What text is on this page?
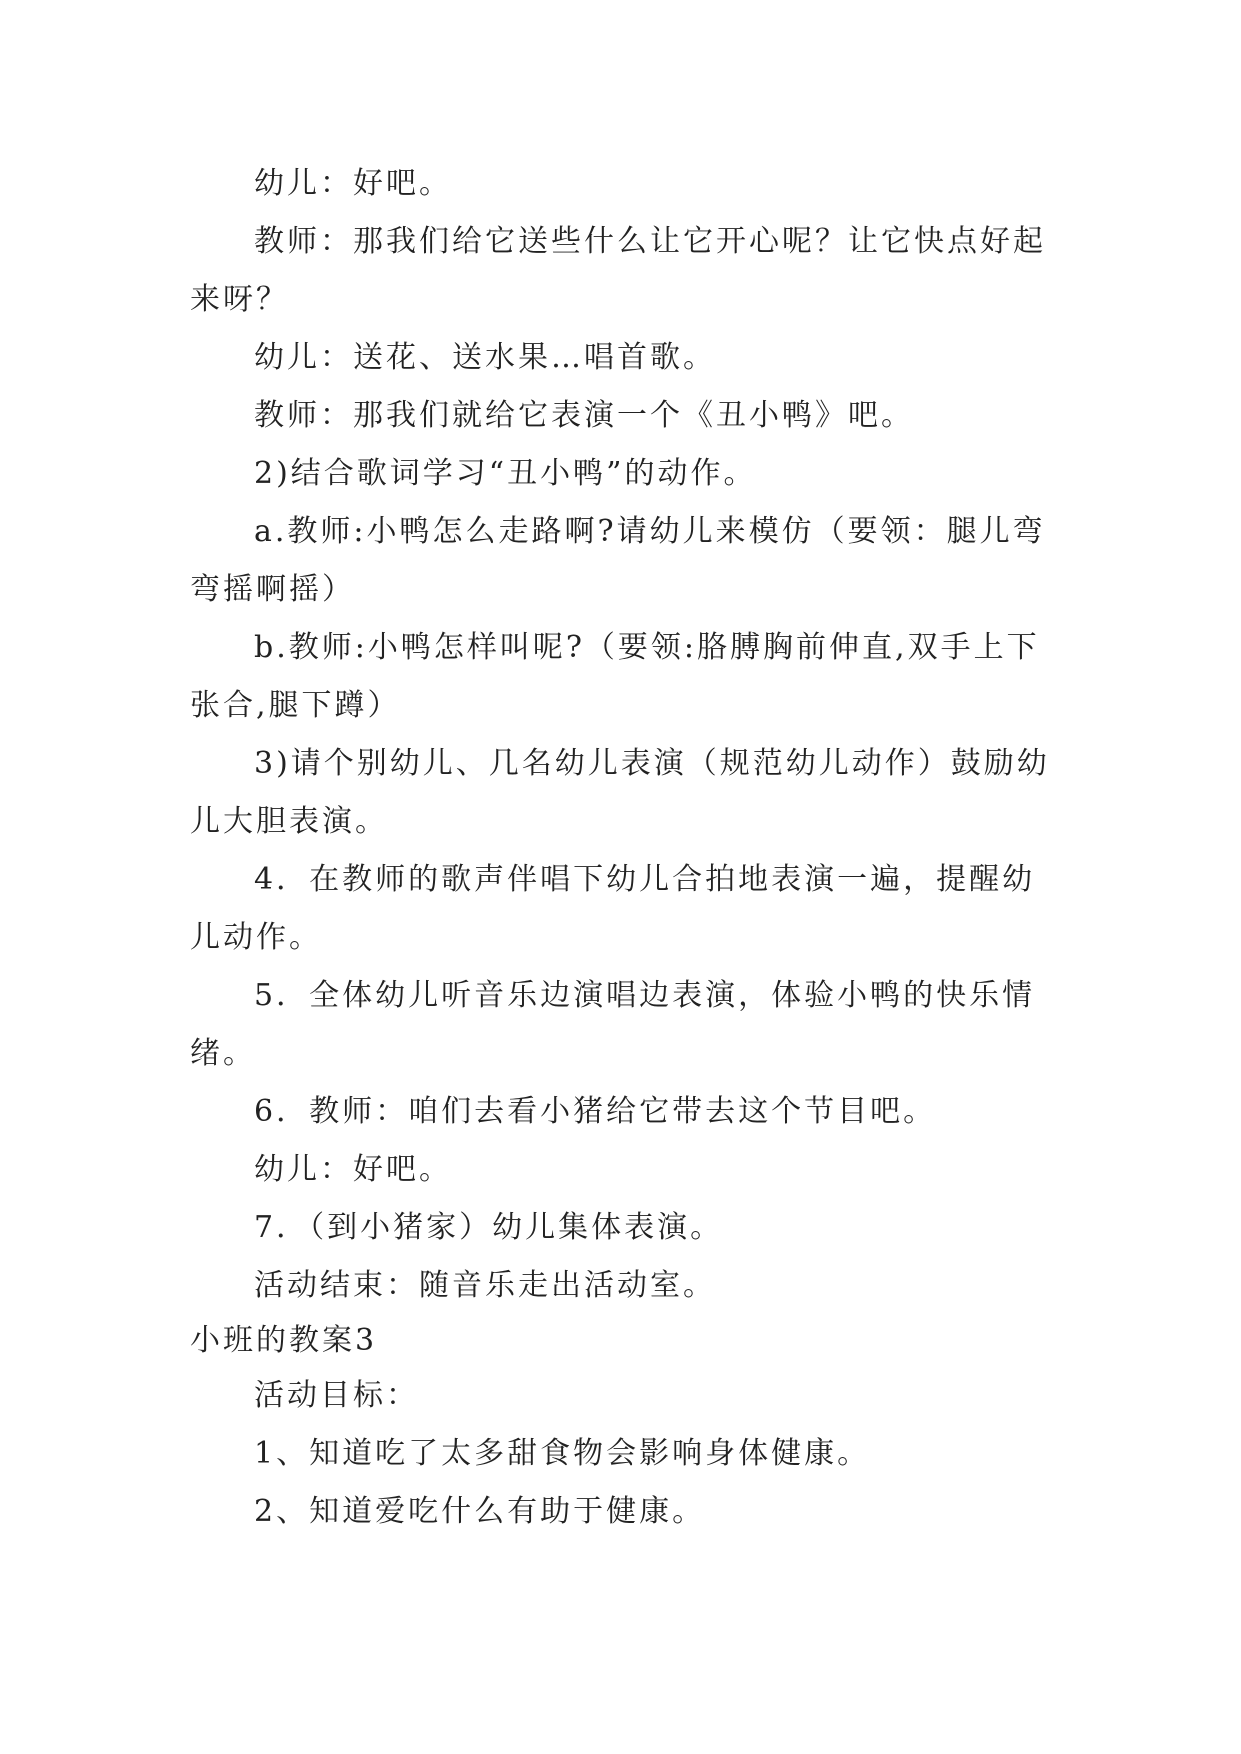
幼儿：好吧。

教师：那我们给它送些什么让它开心呢？让它快点好起

来呀？

幼儿：送花、送水果…唱首歌。

教师：那我们就给它表演一个《丑小鸭》吧。

2)结合歌词学习“丑小鸭”的动作。

a.教师:小鸭怎么走路啊?请幼儿来模仿（要领：腿儿弯

弯摇啊摇）

b.教师:小鸭怎样叫呢?（要领:胳膊胸前伸直,双手上下

张合,腿下蹲）

3)请个别幼儿、几名幼儿表演（规范幼儿动作）鼓励幼

儿大胆表演。

4．在教师的歌声伴唱下幼儿合拍地表演一遍，提醒幼

儿动作。

5．全体幼儿听音乐边演唱边表演，体验小鸭的快乐情

绪。

6．教师：咱们去看小猪给它带去这个节目吧。

幼儿：好吧。

7．（到小猪家）幼儿集体表演。

活动结束：随音乐走出活动室。

小班的教案3

活动目标：

1、知道吃了太多甜食物会影响身体健康。

2、知道爱吃什么有助于健康。
